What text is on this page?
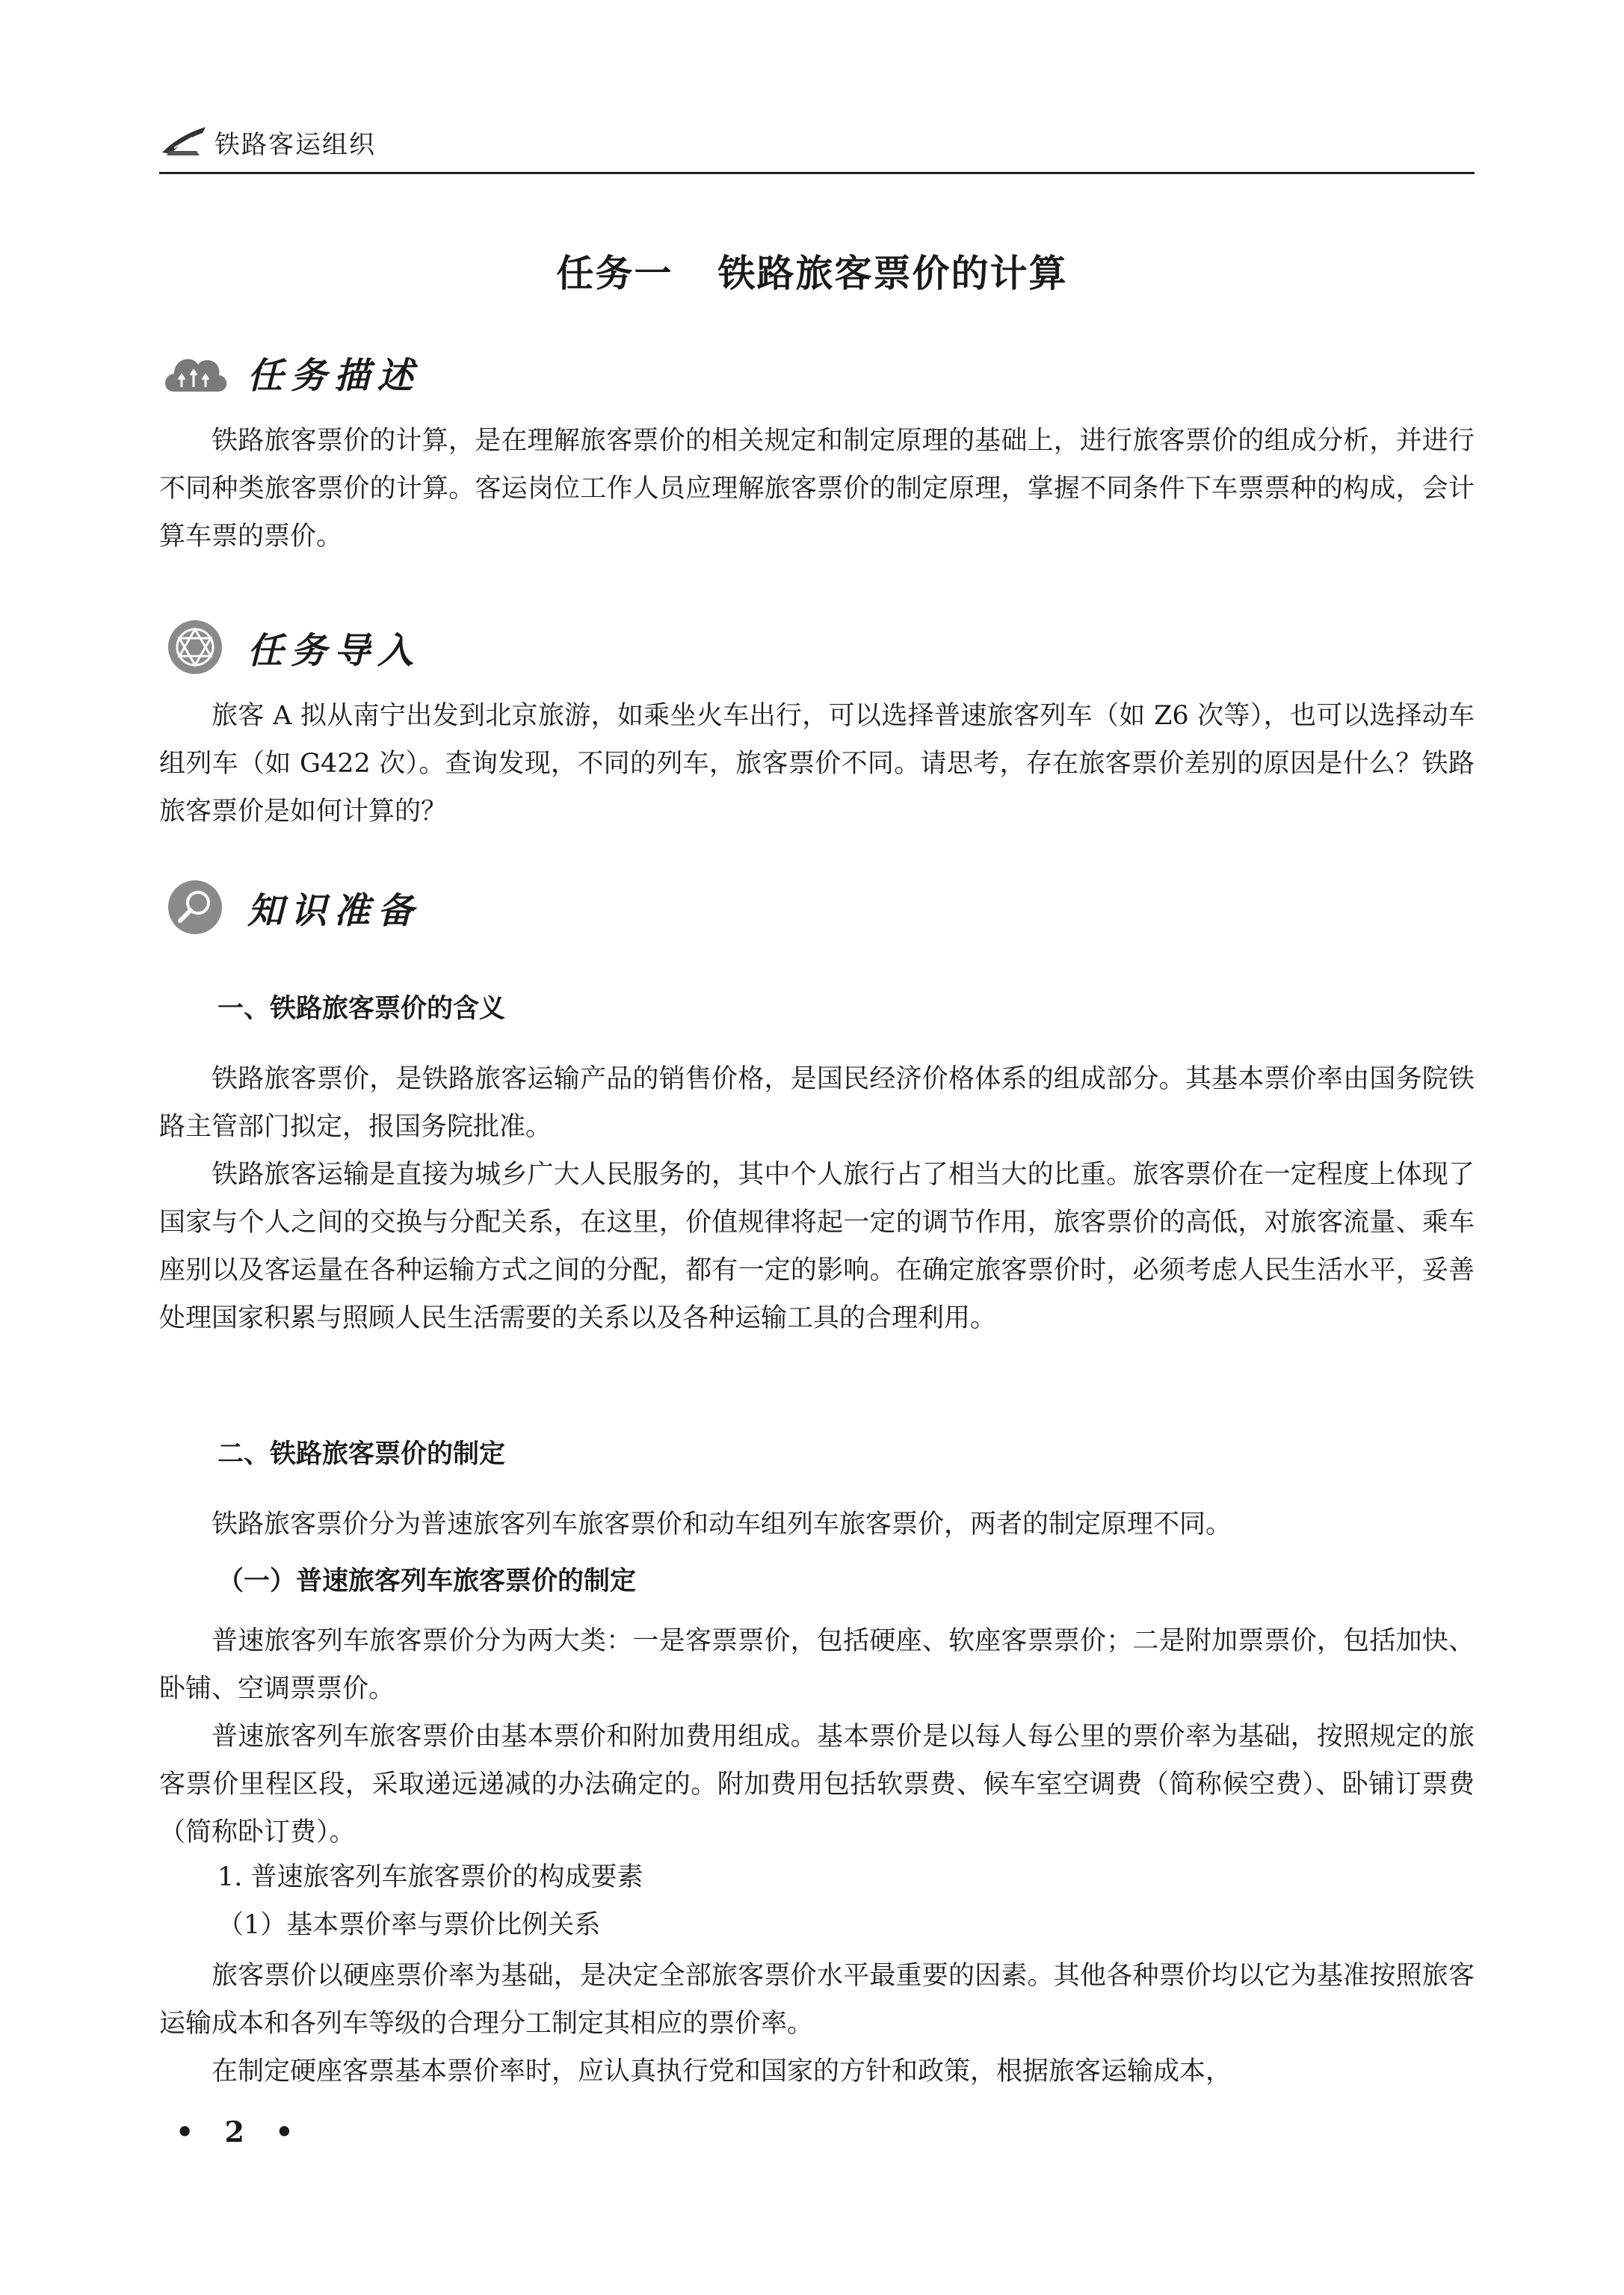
铁路客运组织
任务一 铁路旅客票价的计算
任务描述

铁路旅客票价的计算，是在理解旅客票价的相关规定和制定原理的基础上，进行旅客票价的组成分析，并进行不同种类旅客票价的计算。客运岗位工作人员应理解旅客票价的制定原理，掌握不同条件下车票票种的构成，会计算车票的票价。

任务导入

旅客 A 拟从南宁出发到北京旅游，如乘坐火车出行，可以选择普速旅客列车（如 Z6 次等），也可以选择动车组列车（如 G422 次）。查询发现，不同的列车，旅客票价不同。请思考，存在旅客票价差别的原因是什么？铁路旅客票价是如何计算的？

知识准备
一、铁路旅客票价的含义

铁路旅客票价，是铁路旅客运输产品的销售价格，是国民经济价格体系的组成部分。其基本票价率由国务院铁路主管部门拟定，报国务院批准。

铁路旅客运输是直接为城乡广大人民服务的，其中个人旅行占了相当大的比重。旅客票价在一定程度上体现了国家与个人之间的交换与分配关系，在这里，价值规律将起一定的调节作用，旅客票价的高低，对旅客流量、乘车座别以及客运量在各种运输方式之间的分配，都有一定的影响。在确定旅客票价时，必须考虑人民生活水平，妥善处理国家积累与照顾人民生活需要的关系以及各种运输工具的合理利用。

二、铁路旅客票价的制定

铁路旅客票价分为普速旅客列车旅客票价和动车组列车旅客票价，两者的制定原理不同。

（一）普速旅客列车旅客票价的制定

普速旅客列车旅客票价分为两大类：一是客票票价，包括硬座、软座客票票价；二是附加票票价，包括加快、卧铺、空调票票价。

普速旅客列车旅客票价由基本票价和附加费用组成。基本票价是以每人每公里的票价率为基础，按照规定的旅客票价里程区段，采取递远递减的办法确定的。附加费用包括软票费、候车室空调费（简称候空费）、卧铺订票费（简称卧订费）。

1. 普速旅客列车旅客票价的构成要素
（1）基本票价率与票价比例关系

旅客票价以硬座票价率为基础，是决定全部旅客票价水平最重要的因素。其他各种票价均以它为基准按照旅客运输成本和各列车等级的合理分工制定其相应的票价率。

在制定硬座客票基本票价率时，应认真执行党和国家的方针和政策，根据旅客运输成本，

• 2 •
